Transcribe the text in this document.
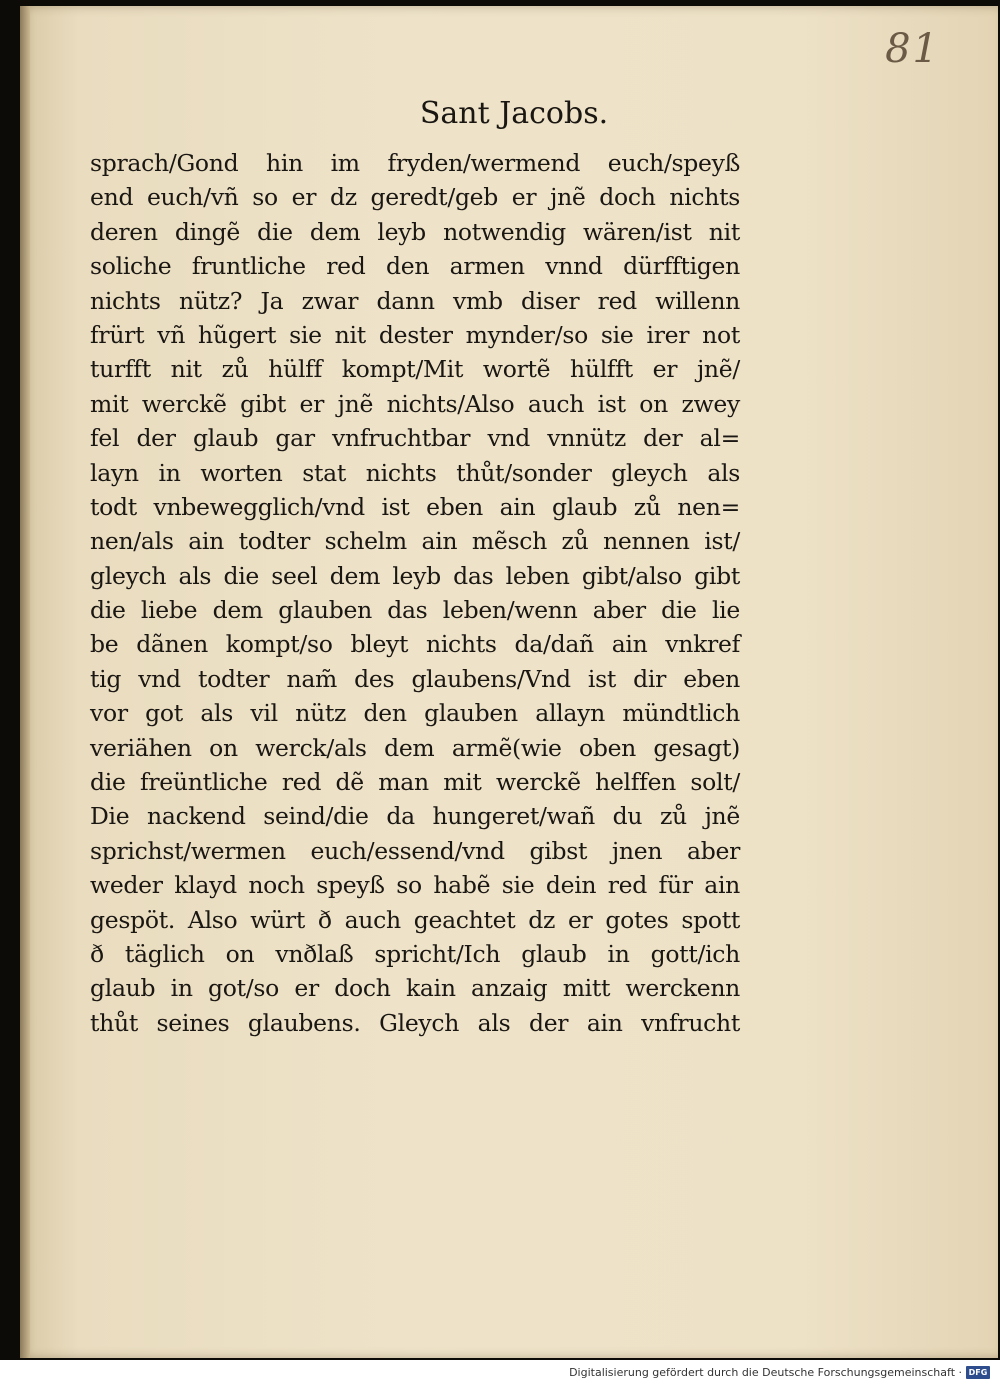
81
Sant Jacobs.
sprach/Gond hin im fryden/wermend euch/speyß
end euch/vñ so er dz geredt/geb er jnẽ doch nichts
deren dingẽ die dem leyb notwendig wären/ist nit
soliche fruntliche red den armen vnnd dürfftigen
nichts nütz? Ja zwar dann vmb diser red willenn
frürt vñ hũgert sie nit dester mynder/so sie irer not
turfft nit zů hülff kompt/Mit wortẽ hülfft er jnẽ/
mit werckẽ gibt er jnẽ nichts/Also auch ist on zwey
fel der glaub gar vnfruchtbar vnd vnnütz der al=
layn in worten stat nichts thůt/sonder gleych als
todt vnbewegglich/vnd ist eben ain glaub zů nen=
nen/als ain todter schelm ain mẽsch zů nennen ist/
gleych als die seel dem leyb das leben gibt/also gibt
die liebe dem glauben das leben/wenn aber die lie
be dãnen kompt/so bleyt nichts da/dañ ain vnkref
tig vnd todter nam̃ des glaubens/Vnd ist dir eben
vor got als vil nütz den glauben allayn mündtlich
veriähen on werck/als dem armẽ(wie oben gesagt)
die freüntliche red dẽ man mit werckẽ helffen solt/
Die nackend seind/die da hungeret/wañ du zů jnẽ
sprichst/wermen euch/essend/vnd gibst jnen aber
weder klayd noch speyß so habẽ sie dein red für ain
gespöt. Also würt ð auch geachtet dz er gotes spott
ð täglich on vnðlaß spricht/Ich glaub in gott/ich
glaub in got/so er doch kain anzaig mitt werckenn
thůt seines glaubens. Gleych als der ain vnfrucht
Digitalisierung gefördert durch die Deutsche Forschungsgemeinschaft · DFG
